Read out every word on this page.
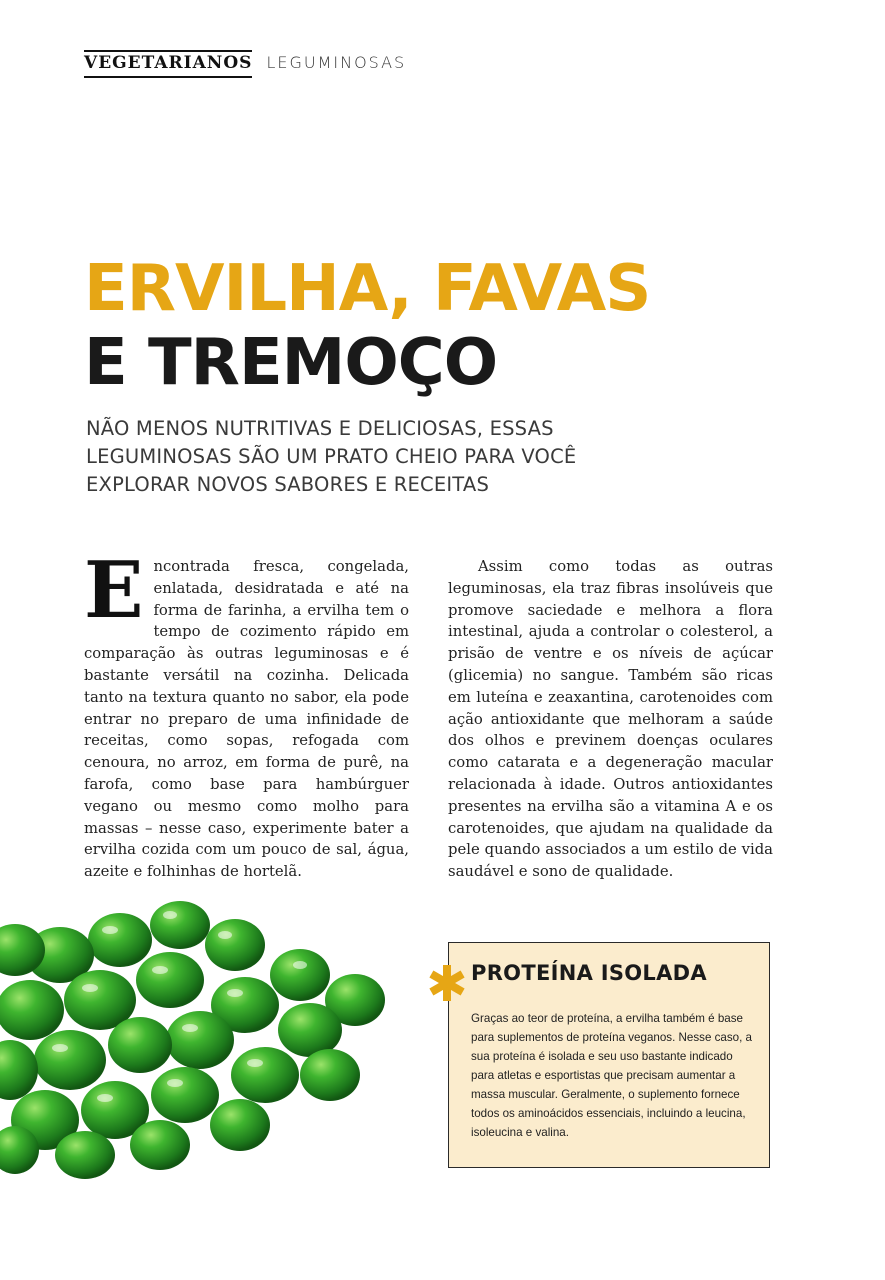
VEGETARIANOS LEGUMINOSAS
ERVILHA, FAVAS
E TREMOÇO

NÃO MENOS NUTRITIVAS E DELICIOSAS, ESSAS LEGUMINOSAS SÃO UM PRATO CHEIO PARA VOCÊ EXPLORAR NOVOS SABORES E RECEITAS

Encontrada fresca, congelada, enlatada, desidratada e até na forma de farinha, a ervilha tem o tempo de cozimento rápido em comparação às outras leguminosas e é bastante versátil na cozinha. Delicada tanto na textura quanto no sabor, ela pode entrar no preparo de uma infinidade de receitas, como sopas, refogada com cenoura, no arroz, em forma de purê, na farofa, como base para hambúrguer vegano ou mesmo como molho para massas – nesse caso, experimente bater a ervilha cozida com um pouco de sal, água, azeite e folhinhas de hortelã.

Assim como todas as outras leguminosas, ela traz fibras insolúveis que promove saciedade e melhora a flora intestinal, ajuda a controlar o colesterol, a prisão de ventre e os níveis de açúcar (glicemia) no sangue. Também são ricas em luteína e zeaxantina, carotenoides com ação antioxidante que melhoram a saúde dos olhos e previnem doenças oculares como catarata e a degeneração macular relacionada à idade. Outros antioxidantes presentes na ervilha são a vitamina A e os carotenoides, que ajudam na qualidade da pele quando associados a um estilo de vida saudável e sono de qualidade.

PROTEÍNA ISOLADA

Graças ao teor de proteína, a ervilha também é base para suplementos de proteína veganos. Nesse caso, a sua proteína é isolada e seu uso bastante indicado para atletas e esportistas que precisam aumentar a massa muscular. Geralmente, o suplemento fornece todos os aminoácidos essenciais, incluindo a leucina, isoleucina e valina.
